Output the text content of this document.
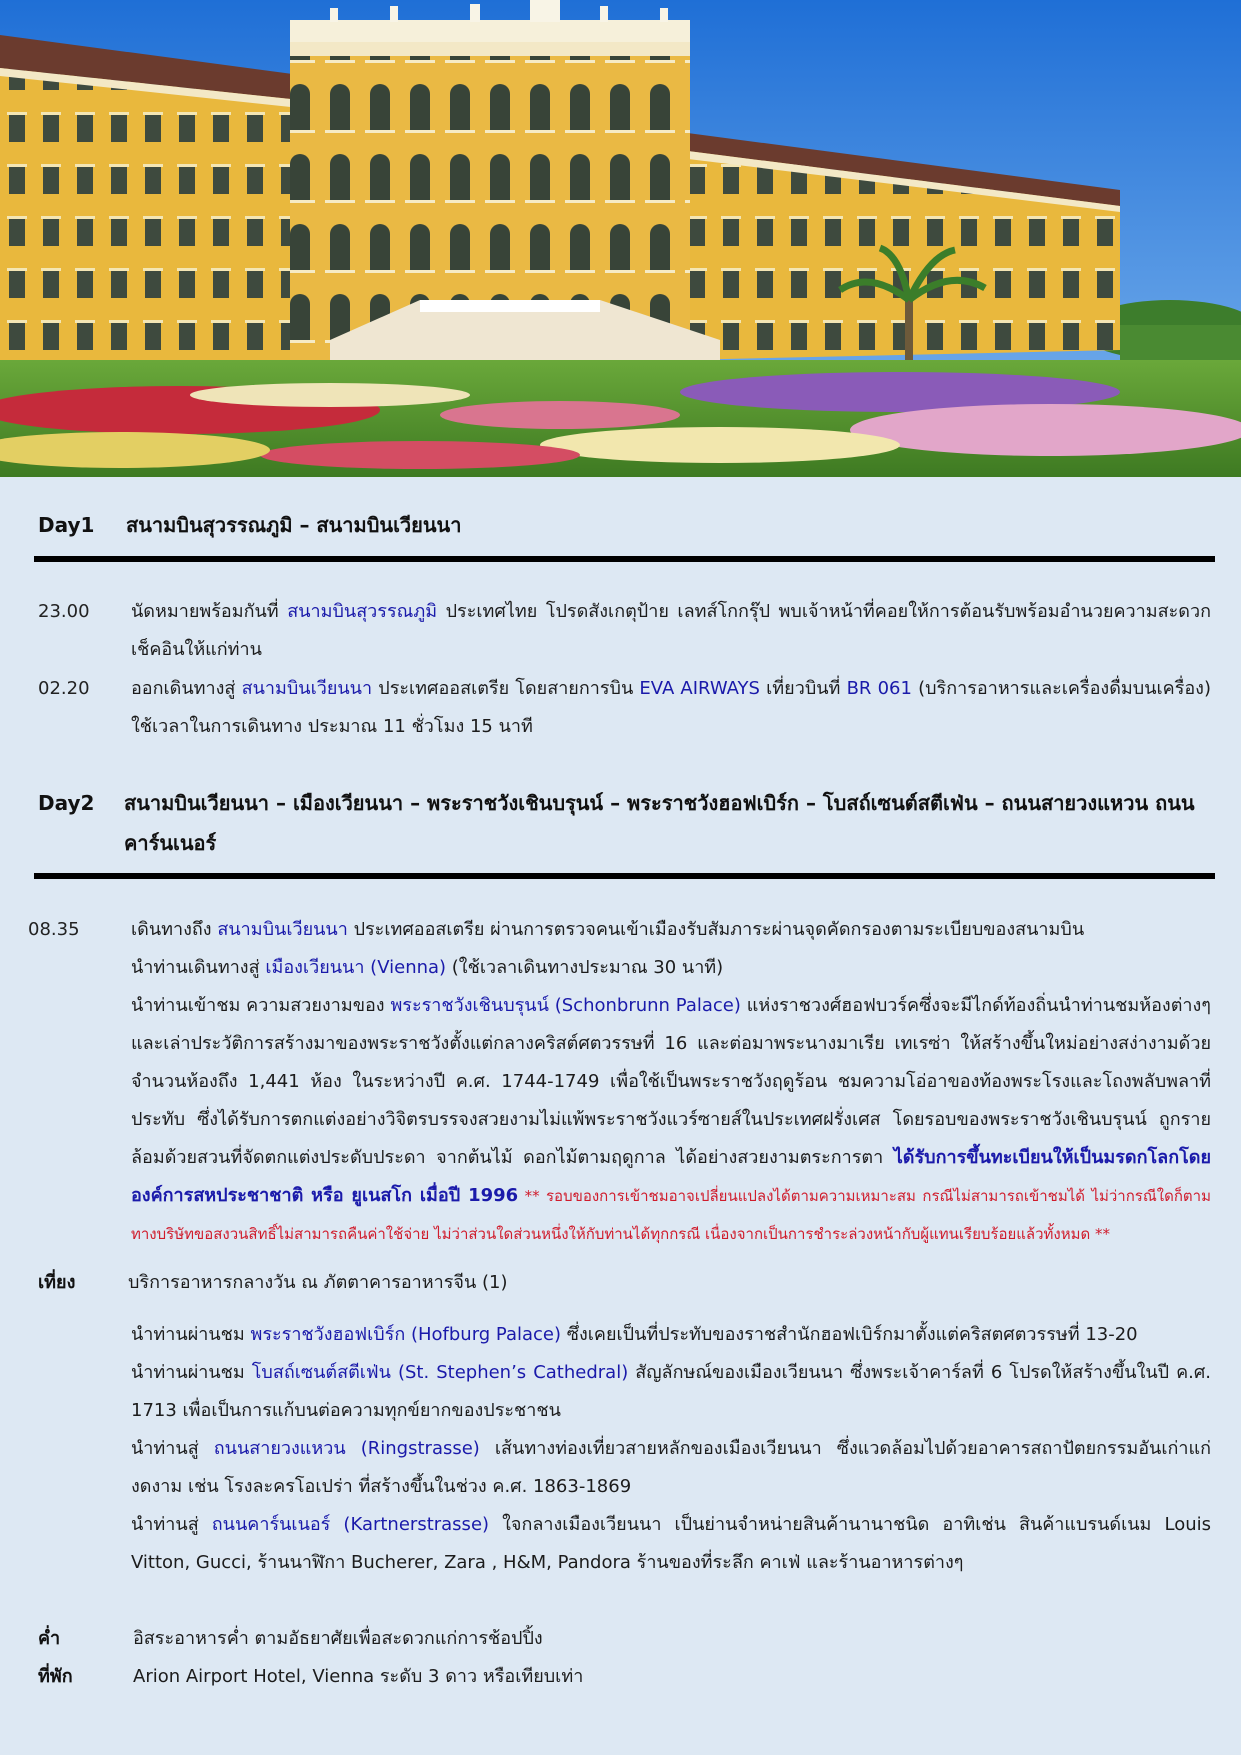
Day1 สนามบินสุวรรณภูมิ – สนามบินเวียนนา
23.00 นัดหมายพร้อมกันที่ สนามบินสุวรรณภูมิ ประเทศไทย โปรดสังเกตุป้าย เลทส์โกกรุ๊ป พบเจ้าหน้าที่คอยให้การต้อนรับพร้อมอำนวยความสะดวกเช็คอินให้แก่ท่าน
02.20 ออกเดินทางสู่ สนามบินเวียนนา ประเทศออสเตรีย โดยสายการบิน EVA AIRWAYS เที่ยวบินที่ BR 061 (บริการอาหารและเครื่องดื่มบนเครื่อง) ใช้เวลาในการเดินทาง ประมาณ 11 ชั่วโมง 15 นาที
Day2 สนามบินเวียนนา – เมืองเวียนนา – พระราชวังเชินบรุนน์ – พระราชวังฮอฟเบิร์ก – โบสถ์เซนต์สตีเฟ่น – ถนนสายวงแหวน ถนนคาร์นเนอร์
08.35	เดินทางถึง สนามบินเวียนนา ประเทศออสเตรีย ผ่านการตรวจคนเข้าเมืองรับสัมภาระผ่านจุดคัดกรองตามระเบียบของสนามบิน
นำท่านเดินทางสู่ เมืองเวียนนา (Vienna) (ใช้เวลาเดินทางประมาณ 30 นาที)
นำท่านเข้าชม ความสวยงามของ พระราชวังเชินบรุนน์ (Schonbrunn Palace) แห่งราชวงศ์ฮอฟบวร์คซึ่งจะมีไกด์ท้องถิ่นนำท่านชมห้องต่างๆและเล่าประวัติการสร้างมาของพระราชวังตั้งแต่กลางคริสต์ศตวรรษที่ 16 และต่อมาพระนางมาเรีย เทเรซ่า ให้สร้างขึ้นใหม่อย่างสง่างามด้วยจำนวนห้องถึง 1,441 ห้อง ในระหว่างปี ค.ศ. 1744-1749 เพื่อใช้เป็นพระราชวังฤดูร้อน ชมความโอ่อาของท้องพระโรงและโถงพลับพลาที่ประทับ ซึ่งได้รับการตกแต่งอย่างวิจิตรบรรจงสวยงามไม่แพ้พระราชวังแวร์ซายส์ในประเทศฝรั่งเศส โดยรอบของพระราชวังเชินบรุนน์ ถูกรายล้อมด้วยสวนที่จัดตกแต่งประดับประดา จากต้นไม้ ดอกไม้ตามฤดูกาล ได้อย่างสวยงามตระการตา ได้รับการขึ้นทะเบียนให้เป็นมรดกโลกโดยองค์การสหประชาชาติ หรือ ยูเนสโก เมื่อปี 1996 ** รอบของการเข้าชมอาจเปลี่ยนแปลงได้ตามความเหมาะสม กรณีไม่สามารถเข้าชมได้ ไม่ว่ากรณีใดก็ตาม ทางบริษัทขอสงวนสิทธิ์ไม่สามารถคืนค่าใช้จ่าย ไม่ว่าส่วนใดส่วนหนึ่งให้กับท่านได้ทุกกรณี เนื่องจากเป็นการชำระล่วงหน้ากับผู้แทนเรียบร้อยแล้วทั้งหมด **
เที่ยง	บริการอาหารกลางวัน ณ ภัตตาคารอาหารจีน (1)
นำท่านผ่านชม พระราชวังฮอฟเบิร์ก (Hofburg Palace) ซึ่งเคยเป็นที่ประทับของราชสำนักฮอฟเบิร์กมาตั้งแต่คริสตศตวรรษที่ 13-20
นำท่านผ่านชม โบสถ์เซนต์สตีเฟ่น (St. Stephen’s Cathedral) สัญลักษณ์ของเมืองเวียนนา ซึ่งพระเจ้าคาร์ลที่ 6 โปรดให้สร้างขึ้นในปี ค.ศ. 1713 เพื่อเป็นการแก้บนต่อความทุกข์ยากของประชาชน
นำท่านสู่ ถนนสายวงแหวน (Ringstrasse) เส้นทางท่องเที่ยวสายหลักของเมืองเวียนนา ซึ่งแวดล้อมไปด้วยอาคารสถาปัตยกรรมอันเก่าแก่งดงาม เช่น โรงละครโอเปร่า ที่สร้างขึ้นในช่วง ค.ศ. 1863-1869
นำท่านสู่ ถนนคาร์นเนอร์ (Kartnerstrasse) ใจกลางเมืองเวียนนา เป็นย่านจำหน่ายสินค้านานาชนิด อาทิเช่น สินค้าแบรนด์เนม Louis Vitton, Gucci, ร้านนาฬิกา Bucherer, Zara , H&M, Pandora ร้านของที่ระลึก คาเฟ่ และร้านอาหารต่างๆ
ค่ำ	อิสระอาหารค่ำ ตามอัธยาศัยเพื่อสะดวกแก่การช้อปปิ้ง
ที่พัก	Arion Airport Hotel, Vienna ระดับ 3 ดาว หรือเทียบเท่า
